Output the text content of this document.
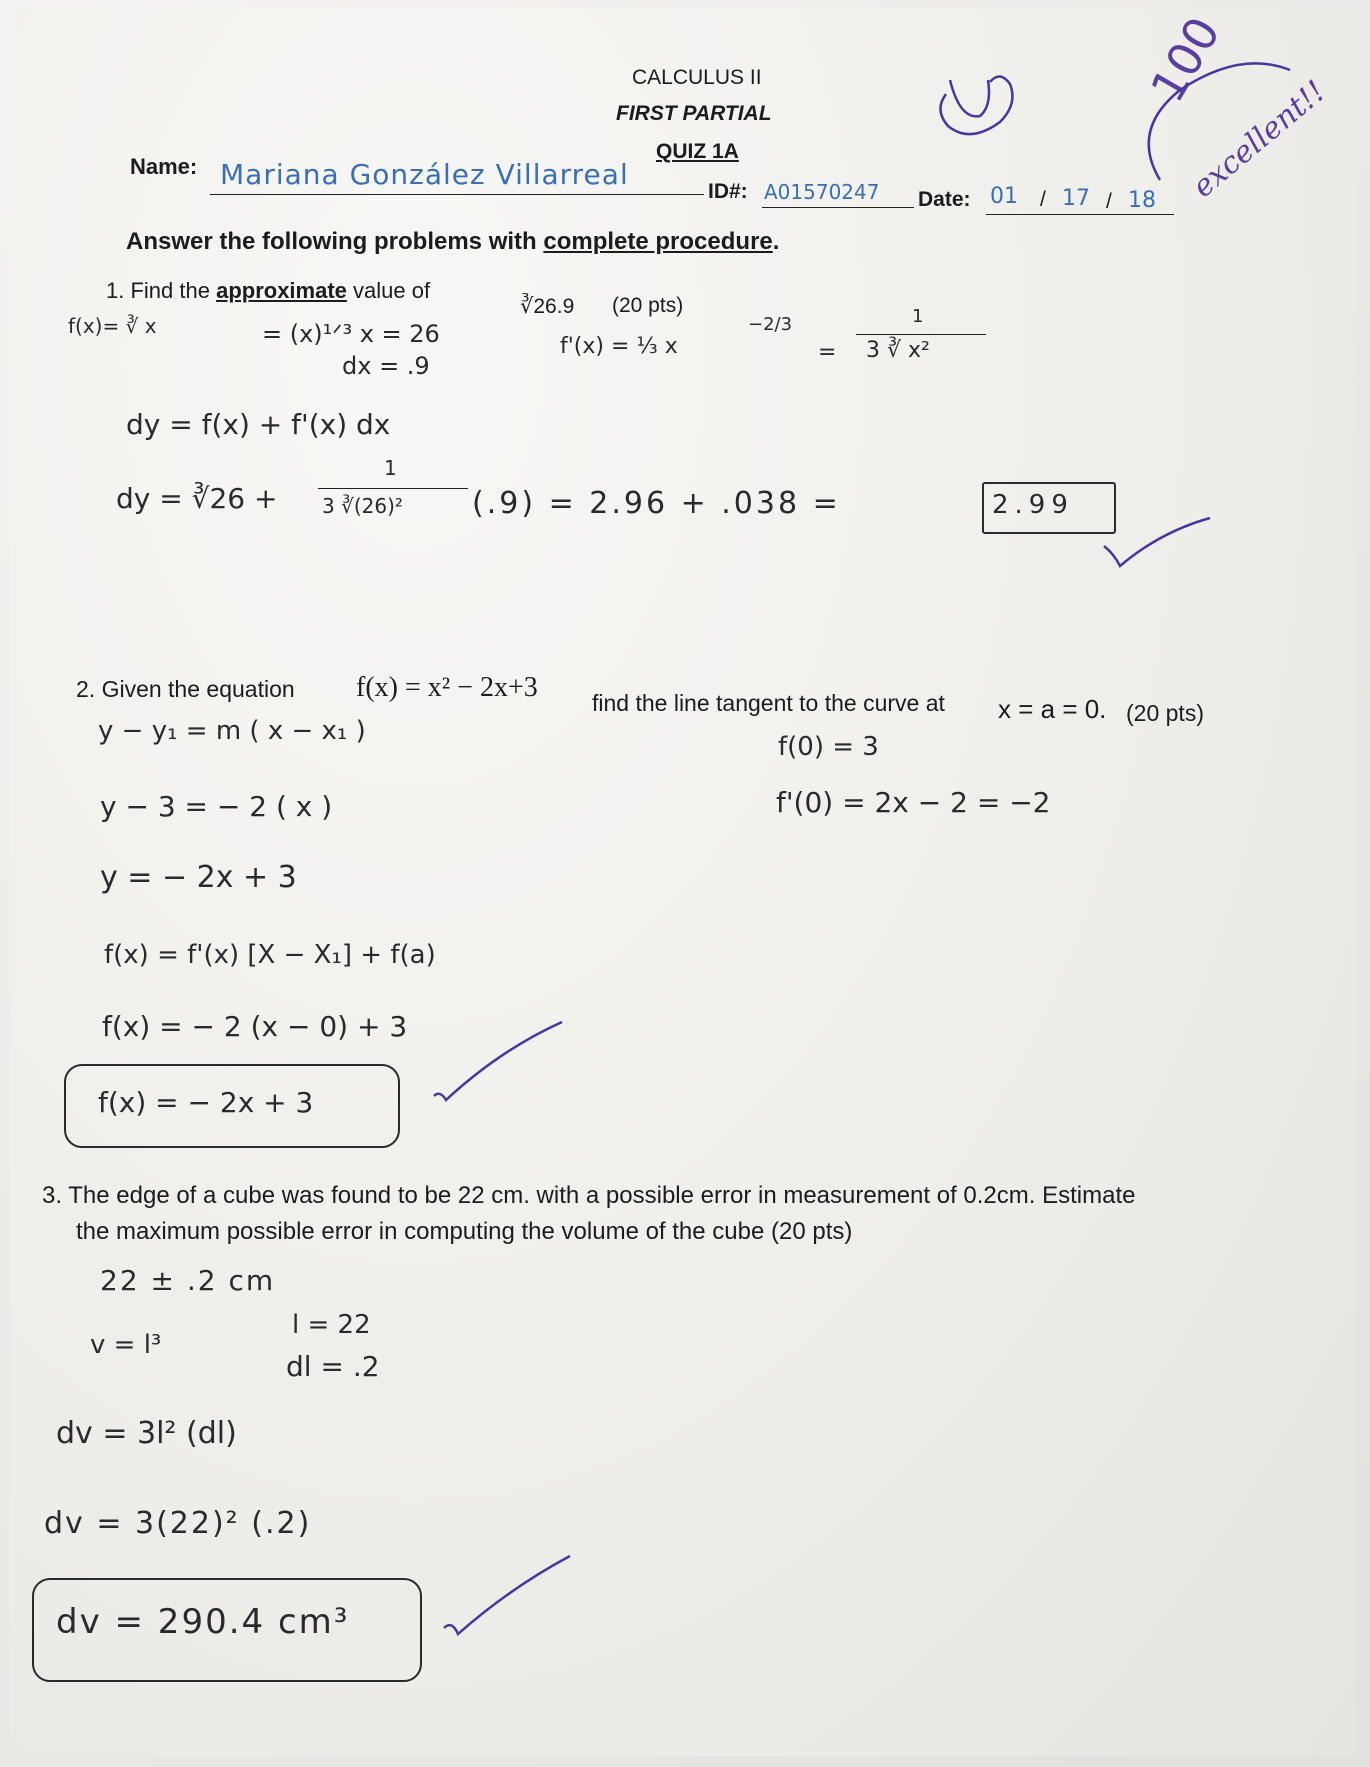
CALCULUS II
FIRST PARTIAL
QUIZ 1A
Name: Mariana González Villarreal
ID#: A01570247 Date: 01 / 17 / 18
100
excellent!!
Answer the following problems with complete procedure.
1. Find the approximate value of
∛26.9 (20 pts)
f(x)= ∛ x	= (x)¹ᐟ³ x = 26
dx = .9
f'(x) = ⅓ x
−2/3
=
1
3 ∛ x²
dy = f(x) + f'(x) dx
dy = ∛26 +
1
3 ∛(26)² (.9) = 2.96 + .038 =	2.99
2. Given the equation f(x) = x² − 2x+3 find the line tangent to the curve at x = a = 0. (20 pts)
y − y₁ = m ( x − x₁ )
f(0) = 3
y − 3 = − 2 ( x )	f'(0) = 2x − 2 = −2
y = − 2x + 3
f(x) = f'(x) [X − X₁] + f(a)
f(x) = − 2 (x − 0) + 3
f(x) = − 2x + 3
3. The edge of a cube was found to be 22 cm. with a possible error in measurement of 0.2cm. Estimate
the maximum possible error in computing the volume of the cube (20 pts)
22 ± .2 cm
v = l³
l = 22
dl = .2
dv = 3l² (dl)
dv = 3(22)² (.2)
dv = 290.4 cm³
